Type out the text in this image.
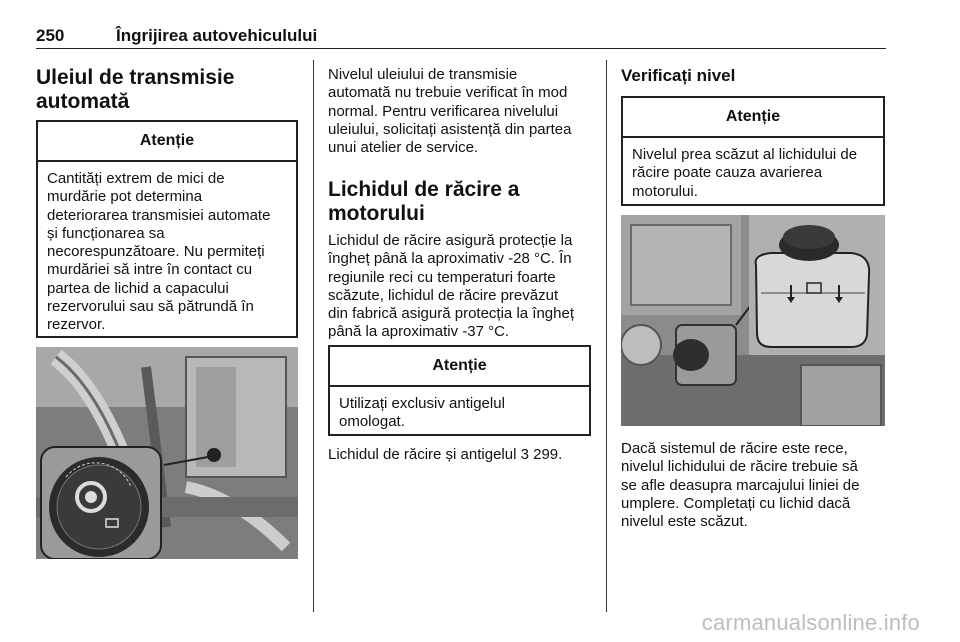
250	Îngrijirea autovehiculului
Uleiul de transmisie
automată
Atenție
Cantități extrem de mici de
murdărie pot determina
deteriorarea transmisiei automate
și funcționarea sa
necorespunzătoare. Nu permiteți
murdăriei să intre în contact cu
partea de lichid a capacului
rezervorului sau să pătrundă în
rezervor.
Nivelul uleiului de transmisie
automată nu trebuie verificat în mod
normal. Pentru verificarea nivelului
uleiului, solicitați asistență din partea
unui atelier de service.
Lichidul de răcire a
motorului
Lichidul de răcire asigură protecție la
îngheț până la aproximativ -28 °C. În
regiunile reci cu temperaturi foarte
scăzute, lichidul de răcire prevăzut
din fabrică asigură protecția la îngheț
până la aproximativ -37 °C.
Atenție
Utilizați exclusiv antigelul
omologat.
Lichidul de răcire și antigelul 3 299.
Verificați nivel
Atenție
Nivelul prea scăzut al lichidului de
răcire poate cauza avarierea
motorului.
Dacă sistemul de răcire este rece,
nivelul lichidului de răcire trebuie să
se afle deasupra marcajului liniei de
umplere. Completați cu lichid dacă
nivelul este scăzut.
carmanualsonline.info
